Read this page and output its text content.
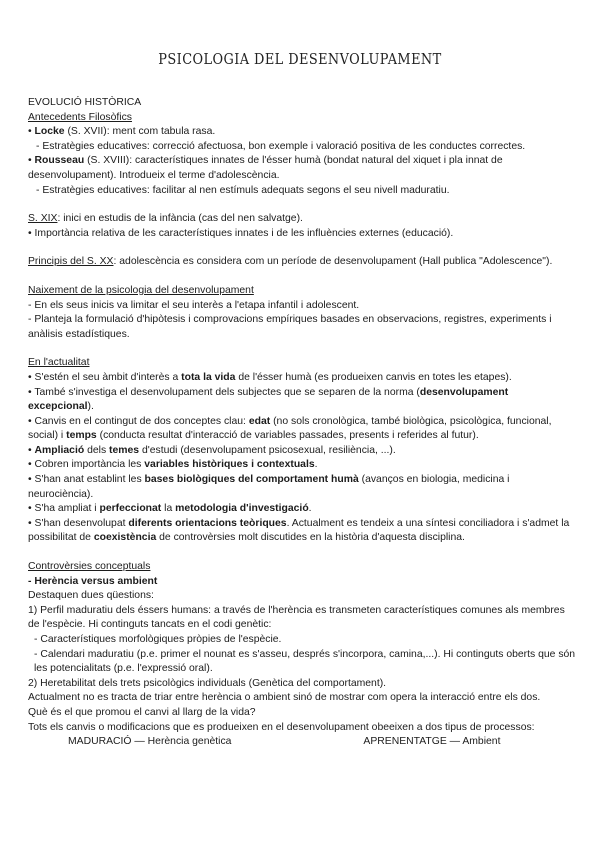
PSICOLOGIA DEL DESENVOLUPAMENT

EVOLUCIÓ HISTÒRICA

Antecedents Filosòfics

• Locke (S. XVII): ment com tabula rasa.

- Estratègies educatives: correcció afectuosa, bon exemple i valoració positiva de les conductes correctes.

• Rousseau (S. XVIII): característiques innates de l'ésser humà (bondat natural del xiquet i pla innat de desenvolupament). Introdueix el terme d'adolescència.

- Estratègies educatives: facilitar al nen estímuls adequats segons el seu nivell maduratiu.

S. XIX: inici en estudis de la infància (cas del nen salvatge).

• Importància relativa de les característiques innates i de les influències externes (educació).

Principis del S. XX: adolescència es considera com un període de desenvolupament (Hall publica "Adolescence").

Naixement de la psicologia del desenvolupament

- En els seus inicis va limitar el seu interès a l'etapa infantil i adolescent.

- Planteja la formulació d'hipòtesis i comprovacions empíriques basades en observacions, registres, experiments i anàlisis estadístiques.

En l'actualitat

• S'estén el seu àmbit d'interès a tota la vida de l'ésser humà (es produeixen canvis en totes les etapes).

• També s'investiga el desenvolupament dels subjectes que se separen de la norma (desenvolupament excepcional).

• Canvis en el contingut de dos conceptes clau: edat (no sols cronològica, també biològica, psicològica, funcional, social) i temps (conducta resultat d'interacció de variables passades, presents i referides al futur).

• Ampliació dels temes d'estudi (desenvolupament psicosexual, resiliència, ...).

• Cobren importància les variables històriques i contextuals.

• S'han anat establint les bases biològiques del comportament humà (avanços en biologia, medicina i neurociència).

• S'ha ampliat i perfeccionat la metodologia d'investigació.

• S'han desenvolupat diferents orientacions teòriques. Actualment es tendeix a una síntesi conciliadora i s'admet la possibilitat de coexistència de controvèrsies molt discutides en la història d'aquesta disciplina.

Controvèrsies conceptuals

- Herència versus ambient

Destaquen dues qüestions:

1) Perfil maduratiu dels éssers humans: a través de l'herència es transmeten característiques comunes als membres de l'espècie. Hi continguts tancats en el codi genètic:

- Característiques morfològiques pròpies de l'espècie.

- Calendari maduratiu (p.e. primer el nounat es s'asseu, després s'incorpora, camina,...). Hi continguts oberts que són les potencialitats (p.e. l'expressió oral).

2) Heretabilitat dels trets psicològics individuals (Genètica del comportament).

Actualment no es tracta de triar entre herència o ambient sinó de mostrar com opera la interacció entre els dos.

Què és el que promou el canvi al llarg de la vida?

Tots els canvis o modificacions que es produeixen en el desenvolupament obeeixen a dos tipus de processos:

MADURACIÓ — Herència genètica	APRENENTATGE — Ambient
